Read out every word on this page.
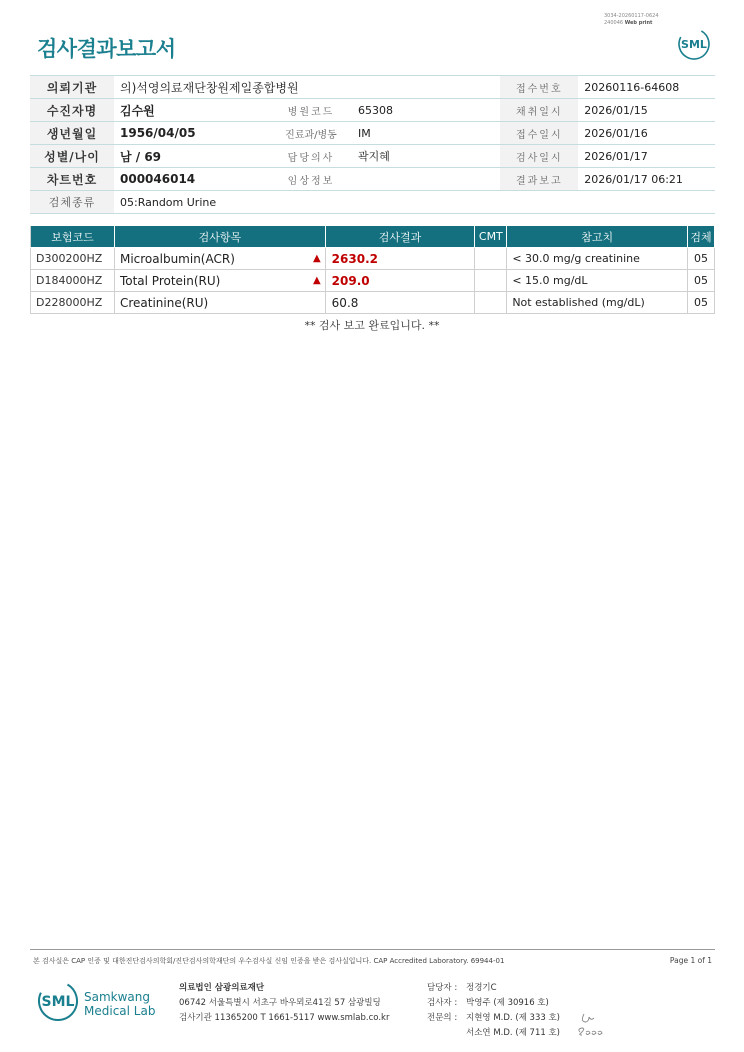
3034-20260117-0624
240046 Web print
검사결과보고서	SML
의뢰기관	의)석영의료재단창원제일종합병원			접수번호	20260116-64608
수진자명	김수원	병원코드	65308	채취일시	2026/01/15
생년월일	1956/04/05	진료과/병동	IM	접수일시	2026/01/16
성별/나이	남 / 69	담당의사	곽지혜	검사일시	2026/01/17
차트번호	000046014	임상정보		결과보고	2026/01/17 06:21
검체종류	05:Random Urine				
보험코드	검사항목	검사결과	CMT	참고치	검체
D300200HZ	Microalbumin(ACR) ▲	2630.2		< 30.0 mg/g creatinine	05
D184000HZ	Total Protein(RU) ▲	209.0		< 15.0 mg/dL	05
D228000HZ	Creatinine(RU)	60.8		Not established (mg/dL)	05
** 검사 보고 완료입니다. **
본 검사실은 CAP 인증 및 대한진단검사의학회/진단검사의학재단의 우수검사실 신임 인증을 받은 검사실입니다. CAP Accredited Laboratory. 69944-01	Page 1 of 1
SML Samkwang
Medical Lab
의료법인 삼광의료재단
06742 서울특별시 서초구 바우뫼로41길 57 삼광빌딩
검사기관 11365200 T 1661-5117 www.smlab.co.kr
담당자 : 정경기C
검사자 : 박영주 (제 30916 호)
전문의 : 지현영 M.D. (제 333 호)
서소연 M.D. (제 711 호)
